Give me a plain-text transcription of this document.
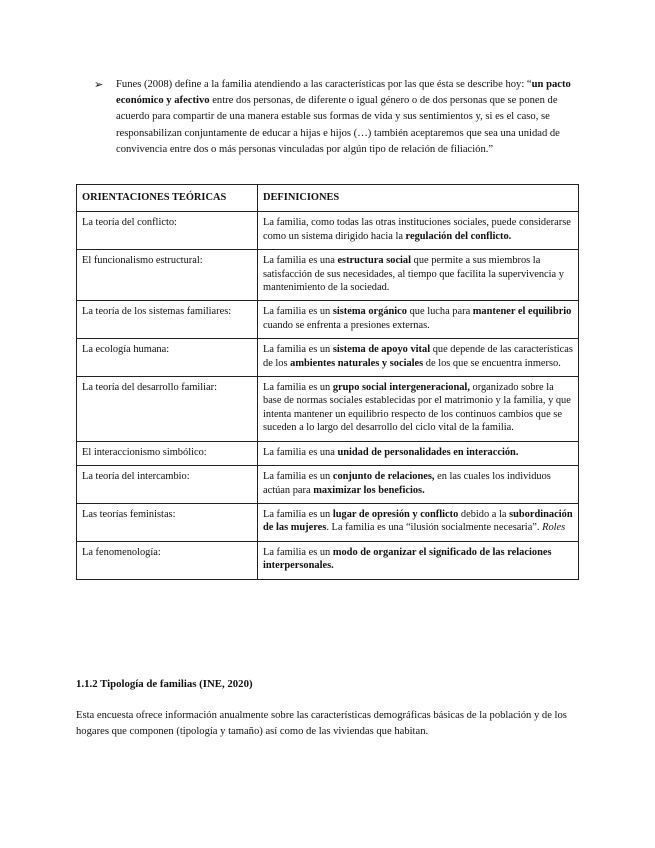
➢ Funes (2008) define a la familia atendiendo a las características por las que ésta se describe hoy: “un pacto económico y afectivo entre dos personas, de diferente o igual género o de dos personas que se ponen de acuerdo para compartir de una manera estable sus formas de vida y sus sentimientos y, si es el caso, se responsabilizan conjuntamente de educar a hijas e hijos (…) también aceptaremos que sea una unidad de convivencia entre dos o más personas vinculadas por algún tipo de relación de filiación.”
ORIENTACIONES TEÓRICAS	DEFINICIONES
La teoría del conflicto:	La familia, como todas las otras instituciones sociales, puede considerarse como un sistema dirigido hacia la regulación del conflicto.
El funcionalismo estructural:	La familia es una estructura social que permite a sus miembros la satisfacción de sus necesidades, al tiempo que facilita la supervivencia y mantenimiento de la sociedad.
La teoría de los sistemas familiares:	La familia es un sistema orgánico que lucha para mantener el equilibrio cuando se enfrenta a presiones externas.
La ecología humana:	La familia es un sistema de apoyo vital que depende de las características de los ambientes naturales y sociales de los que se encuentra inmerso.
La teoría del desarrollo familiar:	La familia es un grupo social intergeneracional, organizado sobre la base de normas sociales establecidas por el matrimonio y la familia, y que intenta mantener un equilibrio respecto de los continuos cambios que se suceden a lo largo del desarrollo del ciclo vital de la familia.
El interaccionismo simbólico:	La familia es una unidad de personalidades en interacción.
La teoría del intercambio:	La familia es un conjunto de relaciones, en las cuales los individuos actúan para maximizar los beneficios.
Las teorías feministas:	La familia es un lugar de opresión y conflicto debido a la subordinación de las mujeres. La familia es una “ilusión socialmente necesaria”. Roles
La fenomenología:	La familia es un modo de organizar el significado de las relaciones interpersonales.
1.1.2 Tipología de familias (INE, 2020)
Esta encuesta ofrece información anualmente sobre las características demográficas básicas de la población y de los hogares que componen (tipología y tamaño) así como de las viviendas que habitan.
